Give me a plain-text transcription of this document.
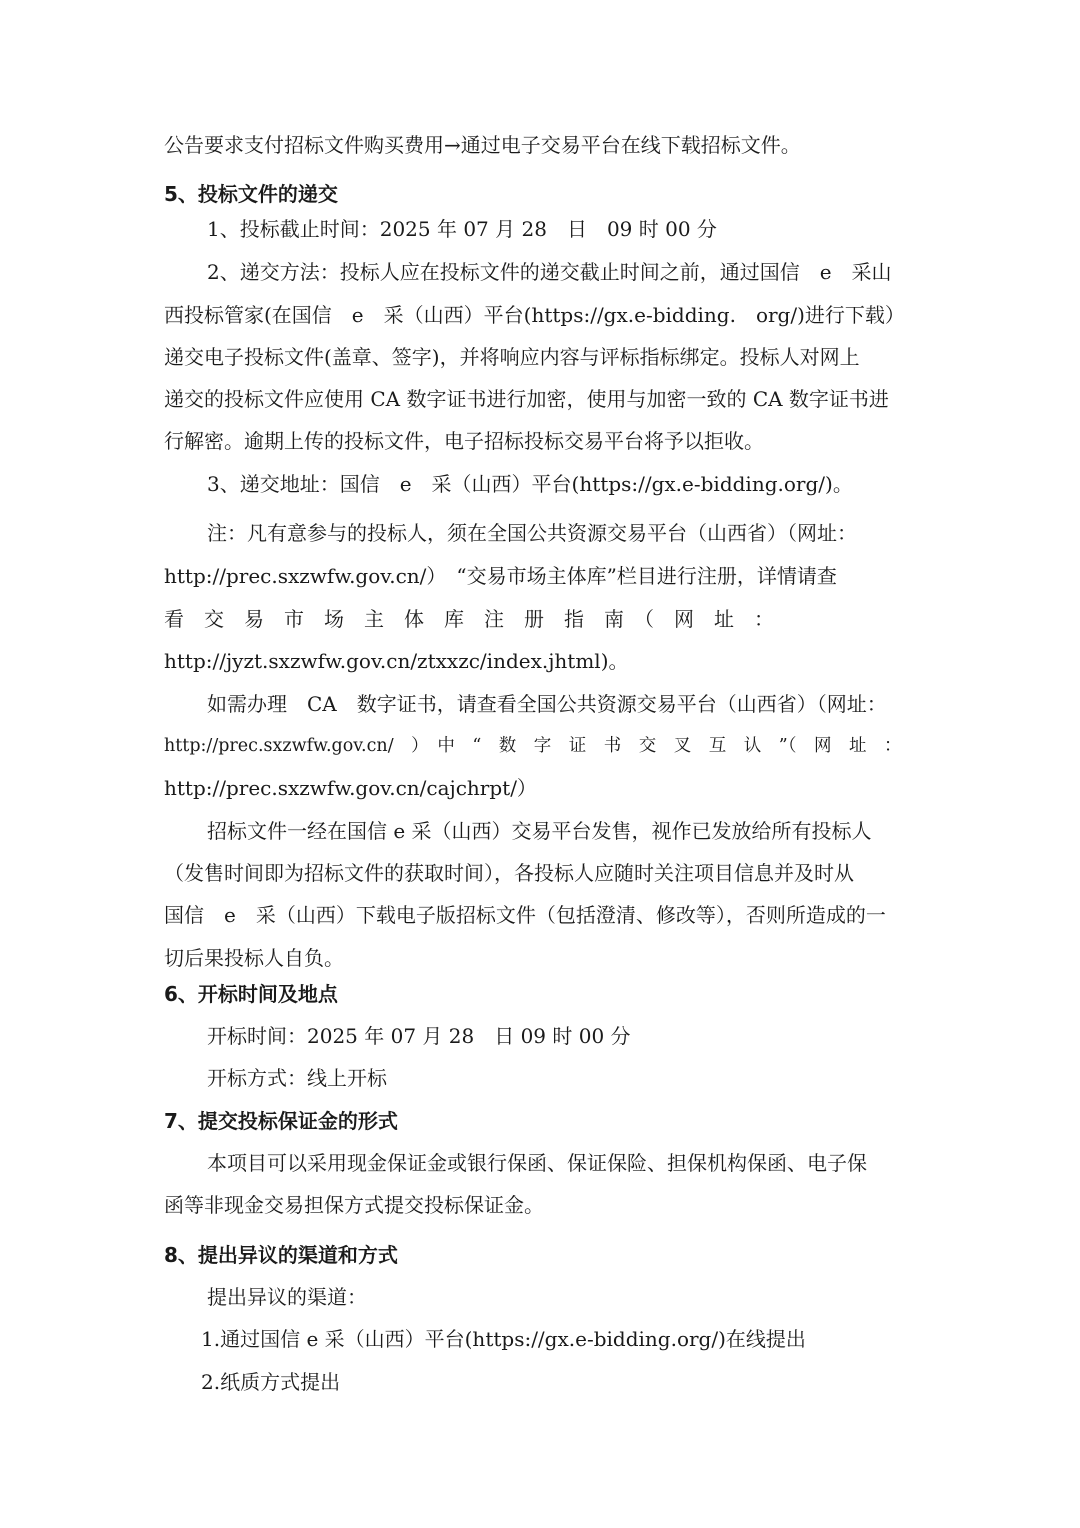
公告要求支付招标文件购买费用→通过电子交易平台在线下载招标文件。
5、投标文件的递交
1、投标截止时间：2025 年 07 月 28　日　09 时 00 分
2、递交方法：投标人应在投标文件的递交截止时间之前，通过国信　e　采山
西投标管家(在国信　e　采（山西）平台(https://gx.e-bidding.　org/)进行下载）
递交电子投标文件(盖章、签字)，并将响应内容与评标指标绑定。投标人对网上
递交的投标文件应使用 CA 数字证书进行加密，使用与加密一致的 CA 数字证书进
行解密。逾期上传的投标文件，电子招标投标交易平台将予以拒收。
3、递交地址：国信　e　采（山西）平台(https://gx.e-bidding.org/)。
注：凡有意参与的投标人，须在全国公共资源交易平台（山西省）（网址：
http://prec.sxzwfw.gov.cn/）　“交易市场主体库”栏目进行注册，详情请查
看　交　易　市　场　主　体　库　注　册　指　南　（　网　址　：
http://jyzt.sxzwfw.gov.cn/ztxxzc/index.jhtml)。
如需办理　CA　数字证书，请查看全国公共资源交易平台（山西省）（网址：
http://prec.sxzwfw.gov.cn/　）　中　“　数　字　证　书　交　叉　互　认　”（　网　址　：
http://prec.sxzwfw.gov.cn/cajchrpt/）
招标文件一经在国信 e 采（山西）交易平台发售，视作已发放给所有投标人
（发售时间即为招标文件的获取时间），各投标人应随时关注项目信息并及时从
国信　e　采（山西）下载电子版招标文件（包括澄清、修改等），否则所造成的一
切后果投标人自负。
6、开标时间及地点
开标时间：2025 年 07 月 28　日 09 时 00 分
开标方式：线上开标
7、提交投标保证金的形式
本项目可以采用现金保证金或银行保函、保证保险、担保机构保函、电子保
函等非现金交易担保方式提交投标保证金。
8、提出异议的渠道和方式
提出异议的渠道：
1.通过国信 e 采（山西）平台(https://gx.e-bidding.org/)在线提出
2.纸质方式提出
